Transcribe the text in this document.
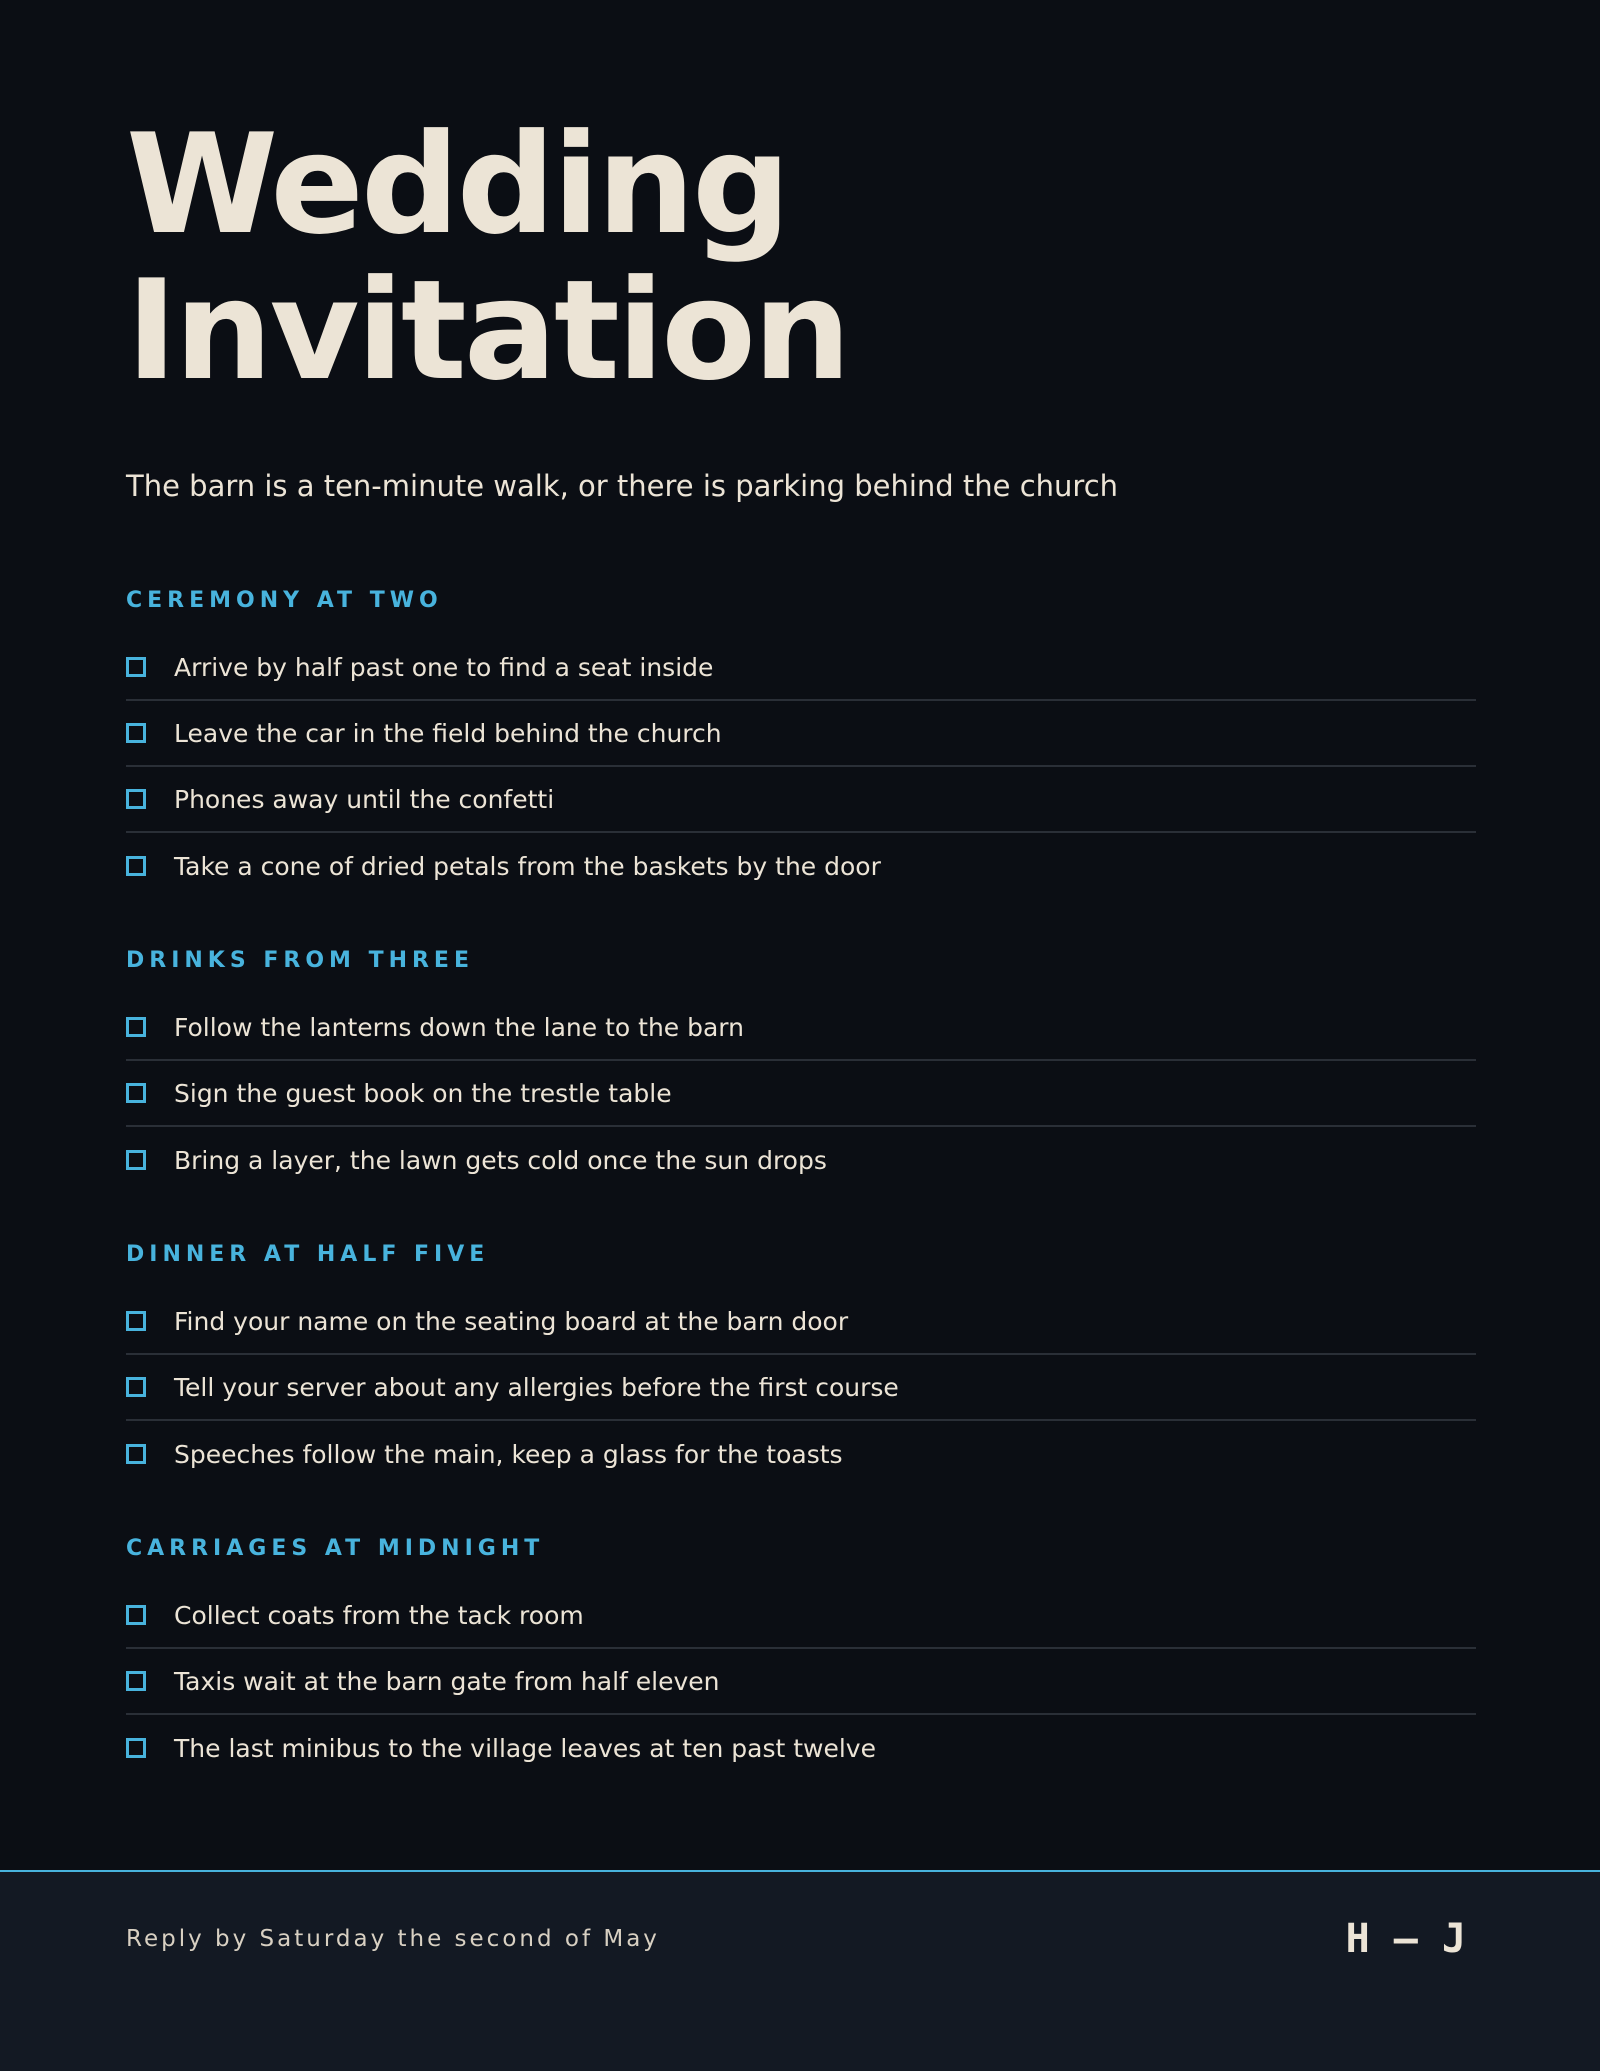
Wedding
Invitation

The barn is a ten-minute walk, or there is parking behind the church

CEREMONY AT TWO
Arrive by half past one to find a seat inside
Leave the car in the field behind the church
Phones away until the confetti
Take a cone of dried petals from the baskets by the door
DRINKS FROM THREE
Follow the lanterns down the lane to the barn
Sign the guest book on the trestle table
Bring a layer, the lawn gets cold once the sun drops
DINNER AT HALF FIVE
Find your name on the seating board at the barn door
Tell your server about any allergies before the first course
Speeches follow the main, keep a glass for the toasts
CARRIAGES AT MIDNIGHT
Collect coats from the tack room
Taxis wait at the barn gate from half eleven
The last minibus to the village leaves at ten past twelve

Reply by Saturday the second of May	H — J
